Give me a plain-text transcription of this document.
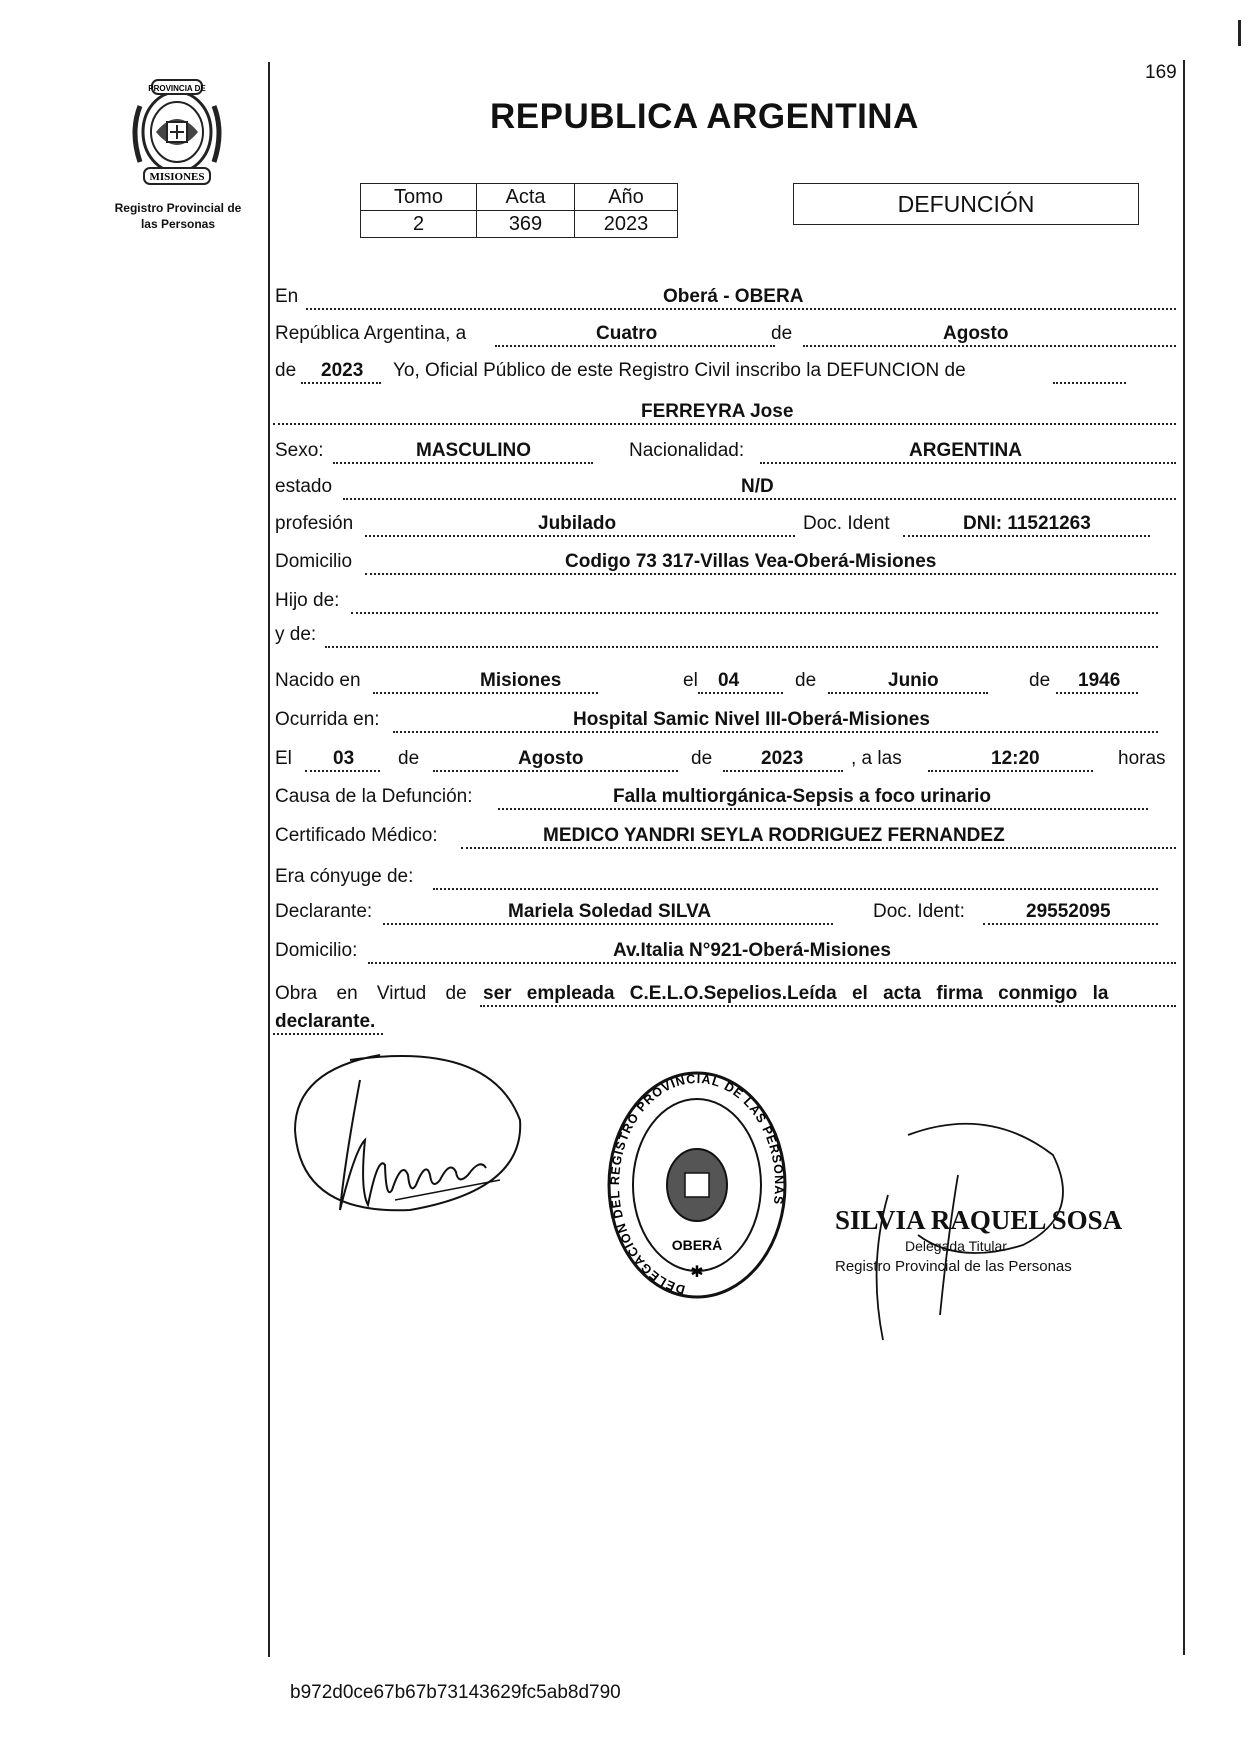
169
PROVINCIA DE
MISIONES
Registro Provincial de
las Personas
REPUBLICA ARGENTINA
Tomo	Acta	Año
2	369	2023
DEFUNCIÓN
En	Oberá - OBERA
República Argentina, a	Cuatro	de	Agosto
de 2023 Yo, Oficial Público de este Registro Civil inscribo la DEFUNCION de
FERREYRA Jose
Sexo:	MASCULINO	Nacionalidad:	ARGENTINA
estado	N/D
profesión	Jubilado	Doc. Ident	DNI: 11521263
Domicilio	Codigo 73 317-Villas Vea-Oberá-Misiones
Hijo de:
y de:
Nacido en	Misiones	el 04	de	Junio	de 1946
Ocurrida en:	Hospital Samic Nivel III-Oberá-Misiones
El 03 de	Agosto	de	2023	, a las	12:20	horas
Causa de la Defunción:	Falla multiorgánica-Sepsis a foco urinario
Certificado Médico:	MEDICO YANDRI SEYLA RODRIGUEZ FERNANDEZ
Era cónyuge de:
Declarante:	Mariela Soledad SILVA	Doc. Ident:	29552095
Domicilio:	Av.Italia N°921-Oberá-Misiones
Obra en Virtud de ser empleada C.E.L.O.Sepelios.Leída el acta firma conmigo la
declarante.
DELEGACION DEL REGISTRO PROVINCIAL DE LAS PERSONAS
OBERÁ
✱
SILVIA RAQUEL SOSA
Delegada Titular
Registro Provincial de las Personas
b972d0ce67b67b73143629fc5ab8d790
